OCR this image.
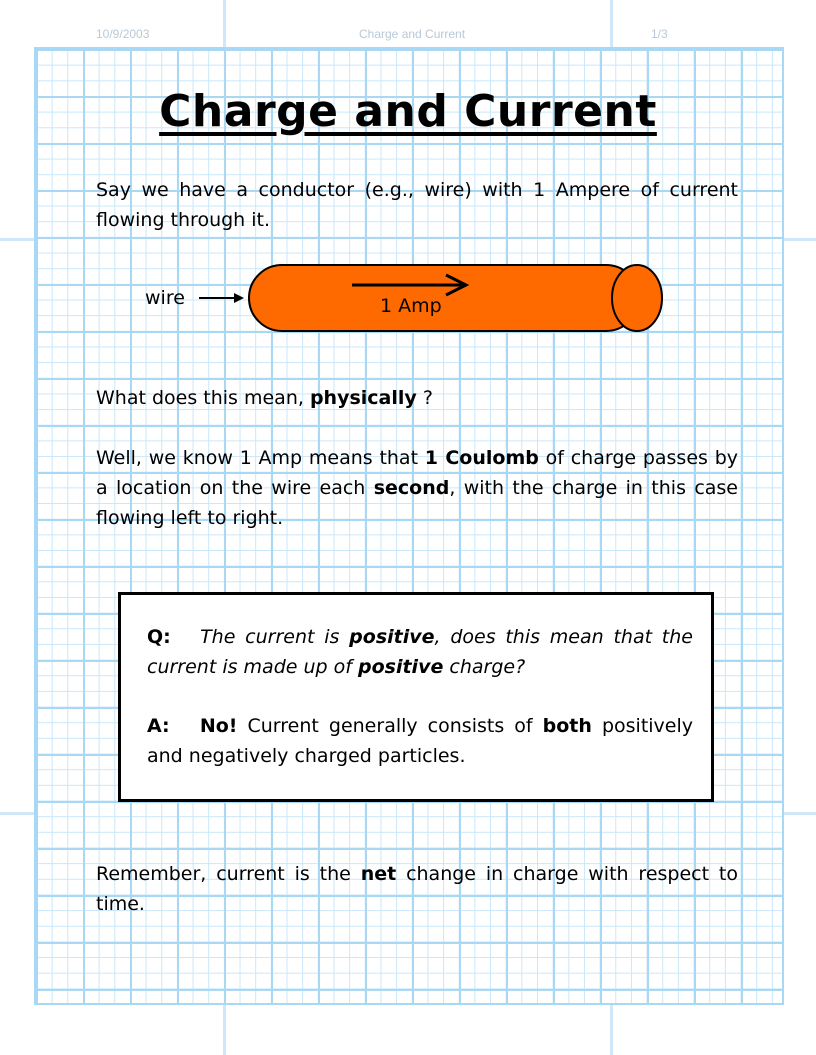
10/9/2003	Charge and Current	1/3
Charge and Current
Say we have a conductor (e.g., wire) with 1 Ampere of current flowing through it.
wire	1 Amp
What does this mean, physically ?
Well, we know 1 Amp means that 1 Coulomb of charge passes by a location on the wire each second, with the charge in this case flowing left to right.
Q: The current is positive, does this mean that the current is made up of positive charge?
A: No! Current generally consists of both positively and negatively charged particles.
Remember, current is the net change in charge with respect to time.
